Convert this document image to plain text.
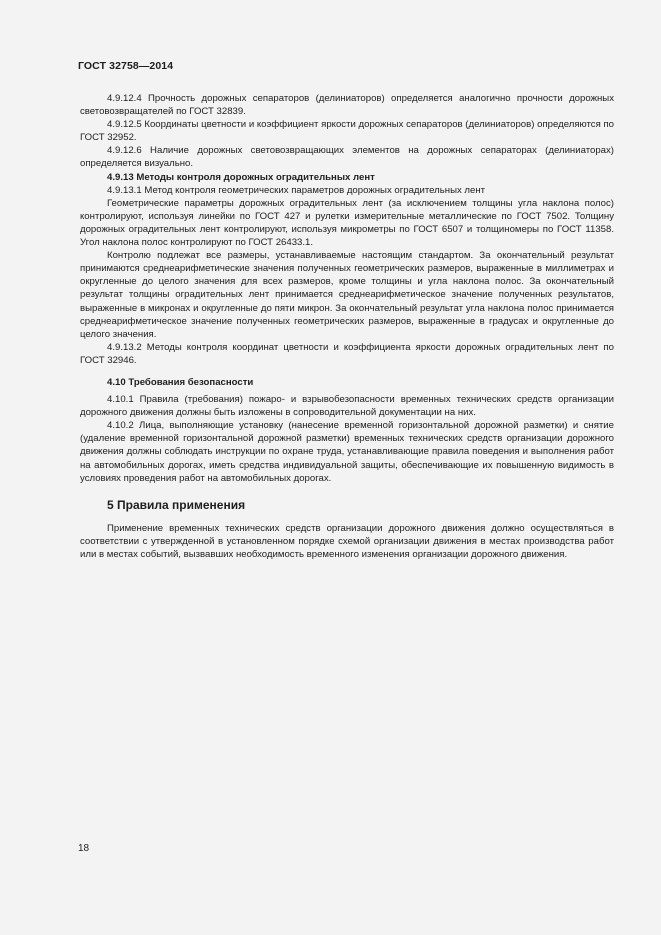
ГОСТ 32758—2014

4.9.12.4 Прочность дорожных сепараторов (делиниаторов) определяется аналогично прочности дорожных световозвращателей по ГОСТ 32839.

4.9.12.5 Координаты цветности и коэффициент яркости дорожных сепараторов (делиниаторов) определяются по ГОСТ 32952.

4.9.12.6 Наличие дорожных световозвращающих элементов на дорожных сепараторах (делиниаторах) определяется визуально.

4.9.13 Методы контроля дорожных оградительных лент

4.9.13.1 Метод контроля геометрических параметров дорожных оградительных лент

Геометрические параметры дорожных оградительных лент (за исключением толщины угла наклона полос) контролируют, используя линейки по ГОСТ 427 и рулетки измерительные металлические по ГОСТ 7502. Толщину дорожных оградительных лент контролируют, используя микрометры по ГОСТ 6507 и толщиномеры по ГОСТ 11358. Угол наклона полос контролируют по ГОСТ 26433.1.

Контролю подлежат все размеры, устанавливаемые настоящим стандартом. За окончательный результат принимаются среднеарифметические значения полученных геометрических размеров, выраженные в миллиметрах и округленные до целого значения для всех размеров, кроме толщины и угла наклона полос. За окончательный результат толщины оградительных лент принимается среднеарифметическое значение полученных результатов, выраженные в микронах и округленные до пяти микрон. За окончательный результат угла наклона полос принимается среднеарифметическое значение полученных геометрических размеров, выраженные в градусах и округленные до целого значения.

4.9.13.2 Методы контроля координат цветности и коэффициента яркости дорожных оградительных лент по ГОСТ 32946.

4.10 Требования безопасности

4.10.1 Правила (требования) пожаро- и взрывобезопасности временных технических средств организации дорожного движения должны быть изложены в сопроводительной документации на них.

4.10.2 Лица, выполняющие установку (нанесение временной горизонтальной дорожной разметки) и снятие (удаление временной горизонтальной дорожной разметки) временных технических средств организации дорожного движения должны соблюдать инструкции по охране труда, устанавливающие правила поведения и выполнения работ на автомобильных дорогах, иметь средства индивидуальной защиты, обеспечивающие их повышенную видимость в условиях проведения работ на автомобильных дорогах.

5 Правила применения

Применение временных технических средств организации дорожного движения должно осуществляться в соответствии с утвержденной в установленном порядке схемой организации движения в местах производства работ или в местах событий, вызвавших необходимость временного изменения организации дорожного движения.

18
